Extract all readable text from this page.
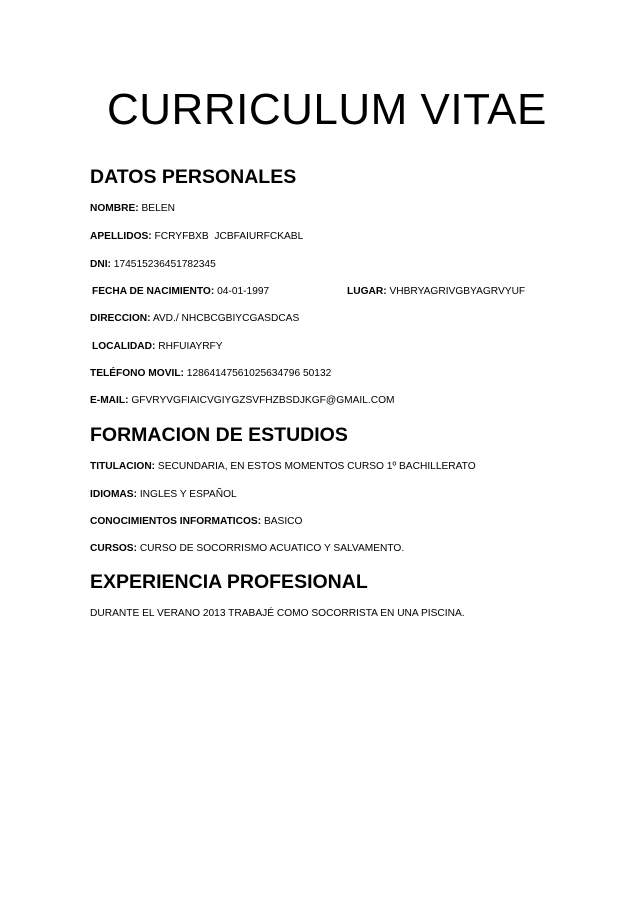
CURRICULUM VITAE
DATOS PERSONALES

NOMBRE: BELEN

APELLIDOS: FCRYFBXB  JCBFAIURFCKABL

DNI: 174515236451782345

FECHA DE NACIMIENTO: 04-01-1997	LUGAR: VHBRYAGRIVGBYAGRVYUF

DIRECCION: AVD./ NHCBCGBIYCGASDCAS

LOCALIDAD: RHFUIAYRFY

TELÉFONO MOVIL: 12864147561025634796 50132

E-MAIL: GFVRYVGFIAICVGIYGZSVFHZBSDJKGF@GMAIL.COM

FORMACION DE ESTUDIOS

TITULACION: SECUNDARIA, EN ESTOS MOMENTOS CURSO 1º BACHILLERATO

IDIOMAS: INGLES Y ESPAÑOL

CONOCIMIENTOS INFORMATICOS: BASICO

CURSOS: CURSO DE SOCORRISMO ACUATICO Y SALVAMENTO.

EXPERIENCIA PROFESIONAL

DURANTE EL VERANO 2013 TRABAJÉ COMO SOCORRISTA EN UNA PISCINA.
